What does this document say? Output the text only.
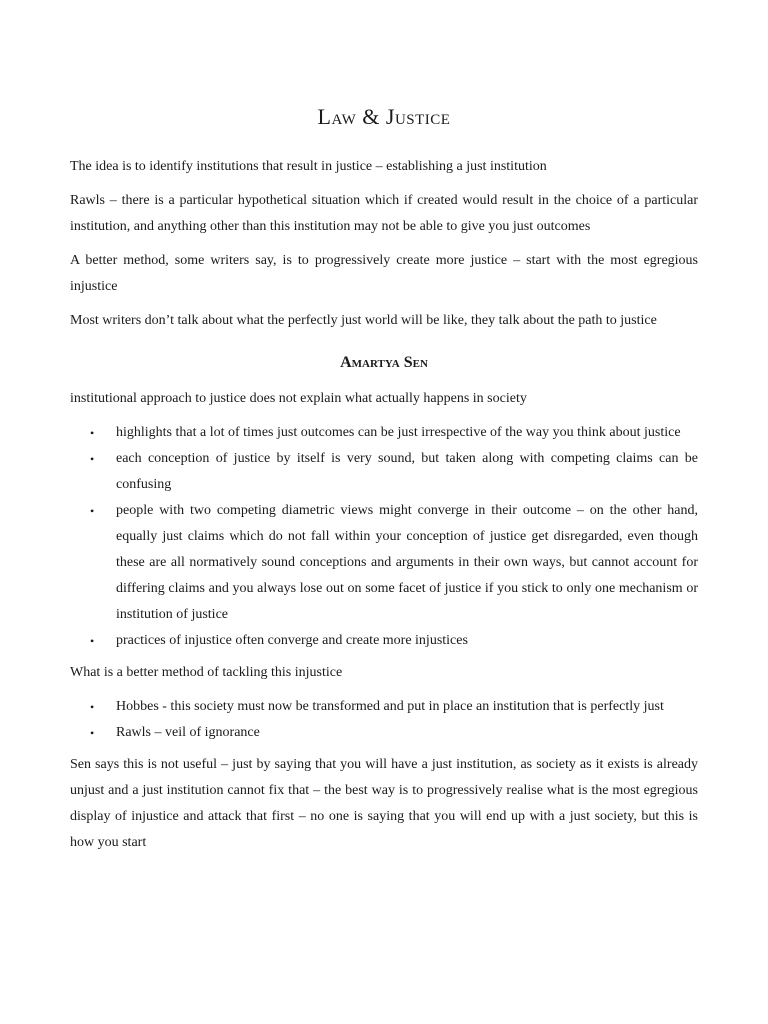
Law & Justice

The idea is to identify institutions that result in justice – establishing a just institution

Rawls – there is a particular hypothetical situation which if created would result in the choice of a particular institution, and anything other than this institution may not be able to give you just outcomes

A better method, some writers say, is to progressively create more justice – start with the most egregious injustice

Most writers don’t talk about what the perfectly just world will be like, they talk about the path to justice

Amartya Sen

institutional approach to justice does not explain what actually happens in society

• highlights that a lot of times just outcomes can be just irrespective of the way you think about justice
• each conception of justice by itself is very sound, but taken along with competing claims can be confusing
• people with two competing diametric views might converge in their outcome – on the other hand, equally just claims which do not fall within your conception of justice get disregarded, even though these are all normatively sound conceptions and arguments in their own ways, but cannot account for differing claims and you always lose out on some facet of justice if you stick to only one mechanism or institution of justice
• practices of injustice often converge and create more injustices

What is a better method of tackling this injustice

• Hobbes - this society must now be transformed and put in place an institution that is perfectly just
• Rawls – veil of ignorance

Sen says this is not useful – just by saying that you will have a just institution, as society as it exists is already unjust and a just institution cannot fix that – the best way is to progressively realise what is the most egregious display of injustice and attack that first – no one is saying that you will end up with a just society, but this is how you start
